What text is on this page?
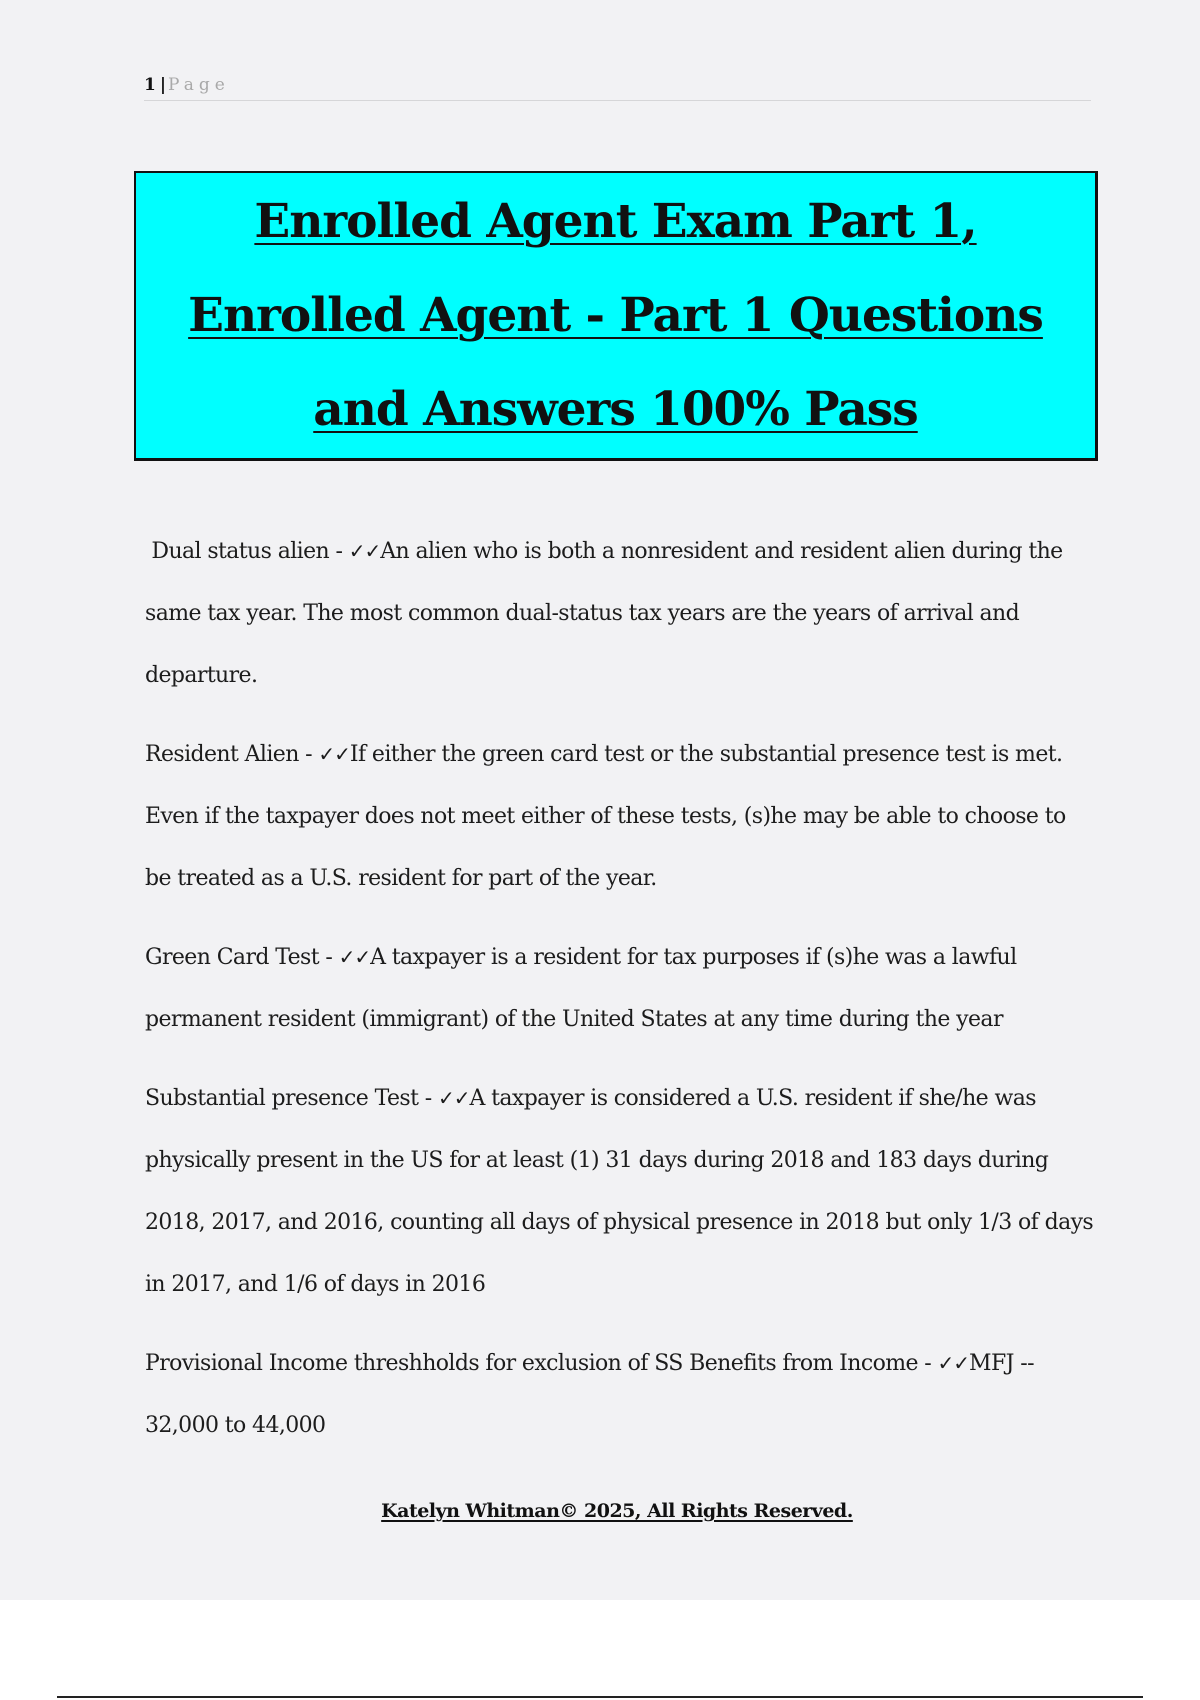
1 | Page
Enrolled Agent Exam Part 1, Enrolled Agent - Part 1 Questions and Answers 100% Pass

Dual status alien - ✓✓An alien who is both a nonresident and resident alien during the same tax year. The most common dual-status tax years are the years of arrival and departure.

Resident Alien - ✓✓If either the green card test or the substantial presence test is met. Even if the taxpayer does not meet either of these tests, (s)he may be able to choose to be treated as a U.S. resident for part of the year.

Green Card Test - ✓✓A taxpayer is a resident for tax purposes if (s)he was a lawful permanent resident (immigrant) of the United States at any time during the year

Substantial presence Test - ✓✓A taxpayer is considered a U.S. resident if she/he was physically present in the US for at least (1) 31 days during 2018 and 183 days during 2018, 2017, and 2016, counting all days of physical presence in 2018 but only 1/3 of days in 2017, and 1/6 of days in 2016

Provisional Income threshholds for exclusion of SS Benefits from Income - ✓✓MFJ -- 32,000 to 44,000

Katelyn Whitman© 2025, All Rights Reserved.
